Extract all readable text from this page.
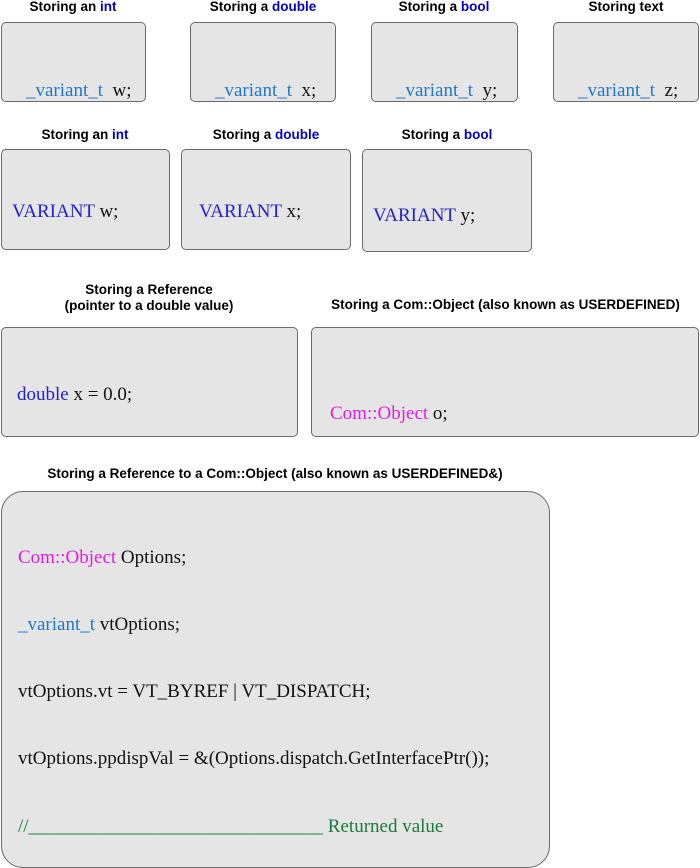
Storing an int

_variant_t  w;

Storing a double

_variant_t  x;

Storing a bool

_variant_t  y;

Storing text

_variant_t  z;

Storing an int

VARIANT w;

Storing a double

VARIANT x;

Storing a bool

VARIANT y;

Storing a Reference
(pointer to a double value)

double x = 0.0;

Storing a Com::Object (also known as USERDEFINED)

Com::Object o;

Storing a Reference to a Com::Object (also known as USERDEFINED&)

Com::Object Options;

_variant_t vtOptions;

vtOptions.vt = VT_BYREF | VT_DISPATCH;

vtOptions.ppdispVal = &(Options.dispatch.GetInterfacePtr());

//_______________________________ Returned value
